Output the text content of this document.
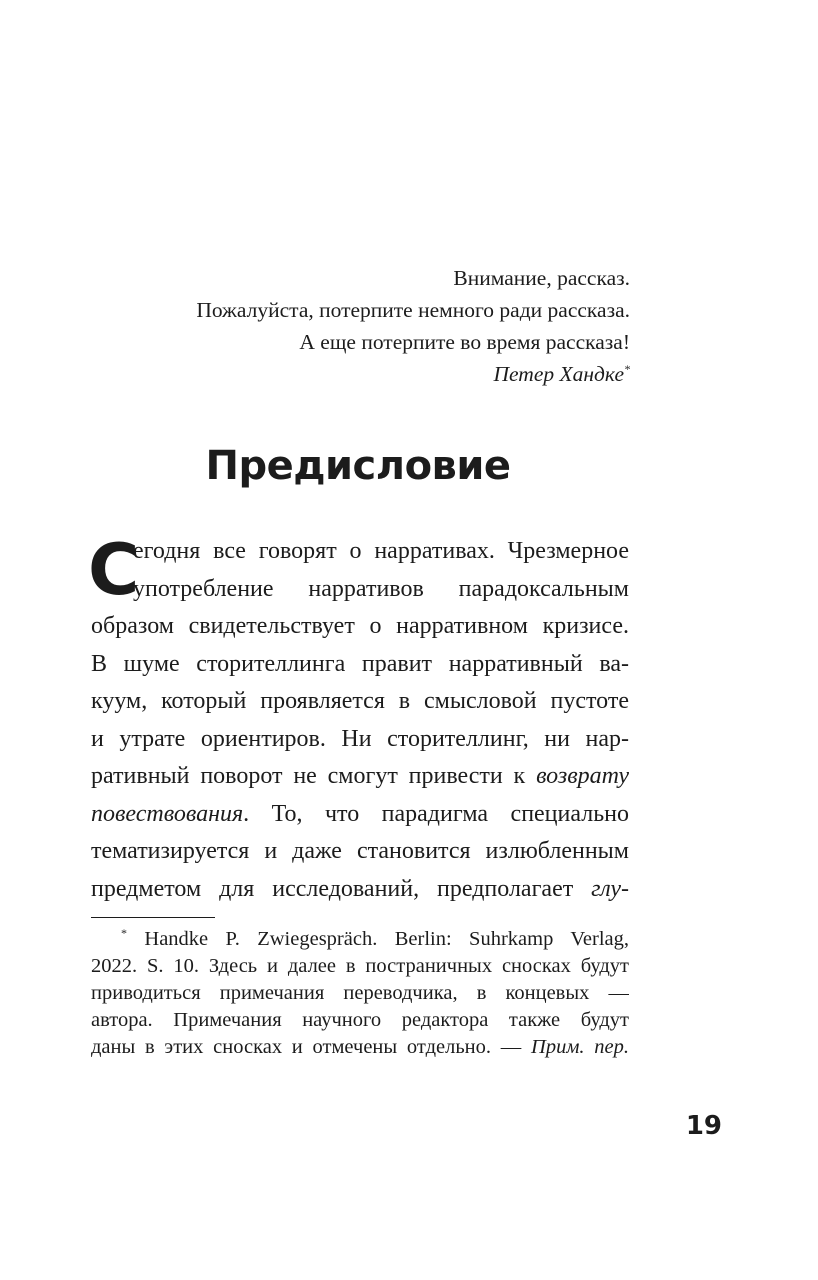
Внимание, рассказ.
Пожалуйста, потерпите немного ради рассказа.
А еще потерпите во время рассказа!
Петер Хандке*
Предисловие
С
егодня все говорят о нарративах. Чрезмерное
употребление нарративов парадоксальным
образом свидетельствует о нарративном кризисе.
В шуме сторителлинга правит нарративный ва-
куум, который проявляется в смысловой пустоте
и утрате ориентиров. Ни сторителлинг, ни нар-
ративный поворот не смогут привести к возврату
повествования. То, что парадигма специально
тематизируется и даже становится излюбленным
предметом для исследований, предполагает глу-
* Handke P. Zwiegespräch. Berlin: Suhrkamp Verlag,
2022. S. 10. Здесь и далее в постраничных сносках будут
приводиться примечания переводчика, в концевых —
автора. Примечания научного редактора также будут
даны в этих сносках и отмечены отдельно. — Прим. пер.
19
